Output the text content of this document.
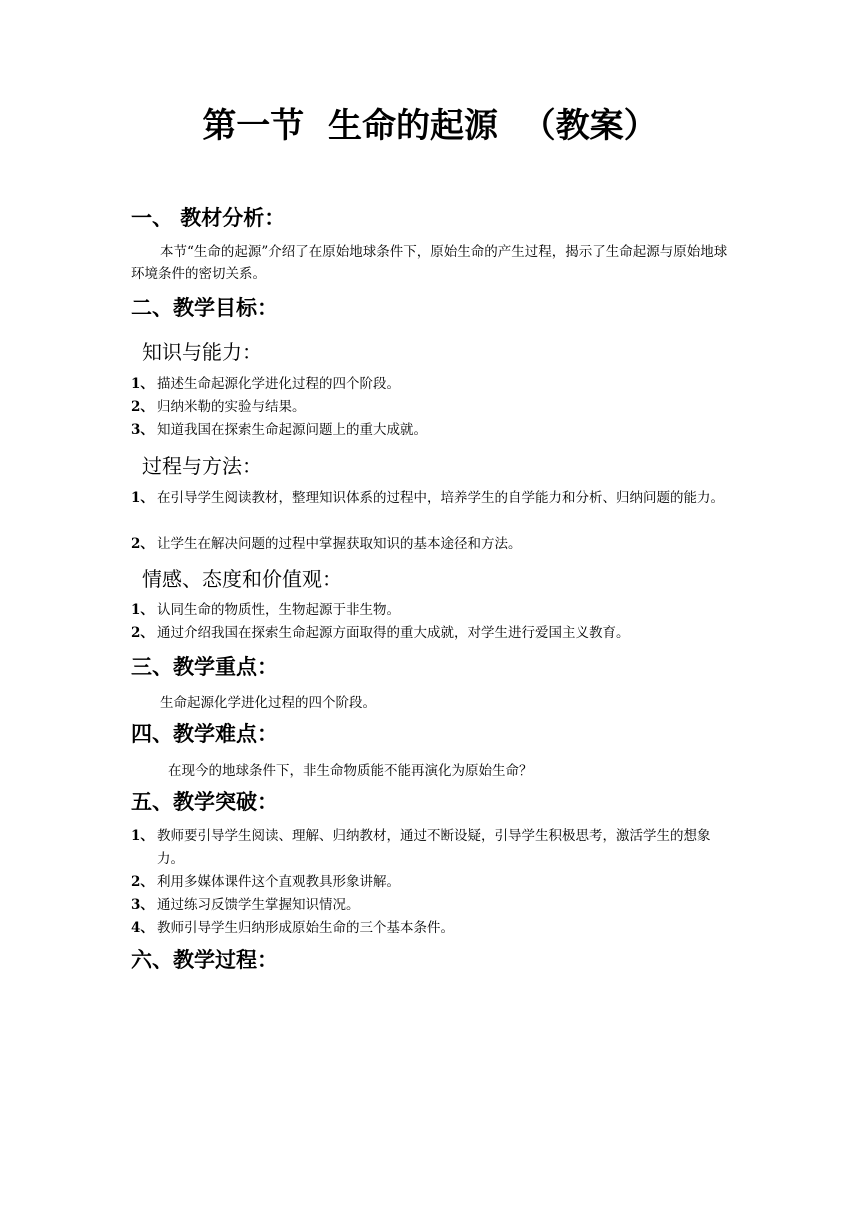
第一节  生命的起源  （教案）
一、 教材分析：
本节“生命的起源”介绍了在原始地球条件下，原始生命的产生过程，揭示了生命起源与原始地球环境条件的密切关系。
二、教学目标：
知识与能力：
1、 描述生命起源化学进化过程的四个阶段。
2、 归纳米勒的实验与结果。
3、 知道我国在探索生命起源问题上的重大成就。
过程与方法：
1、 在引导学生阅读教材，整理知识体系的过程中，培养学生的自学能力和分析、归纳问题的能力。
2、 让学生在解决问题的过程中掌握获取知识的基本途径和方法。
情感、态度和价值观：
1、 认同生命的物质性，生物起源于非生物。
2、 通过介绍我国在探索生命起源方面取得的重大成就，对学生进行爱国主义教育。
三、教学重点：
生命起源化学进化过程的四个阶段。
四、教学难点：
在现今的地球条件下，非生命物质能不能再演化为原始生命？
五、教学突破：
1、 教师要引导学生阅读、理解、归纳教材，通过不断设疑，引导学生积极思考，激活学生的想象力。
2、 利用多媒体课件这个直观教具形象讲解。
3、 通过练习反馈学生掌握知识情况。
4、 教师引导学生归纳形成原始生命的三个基本条件。
六、教学过程：
